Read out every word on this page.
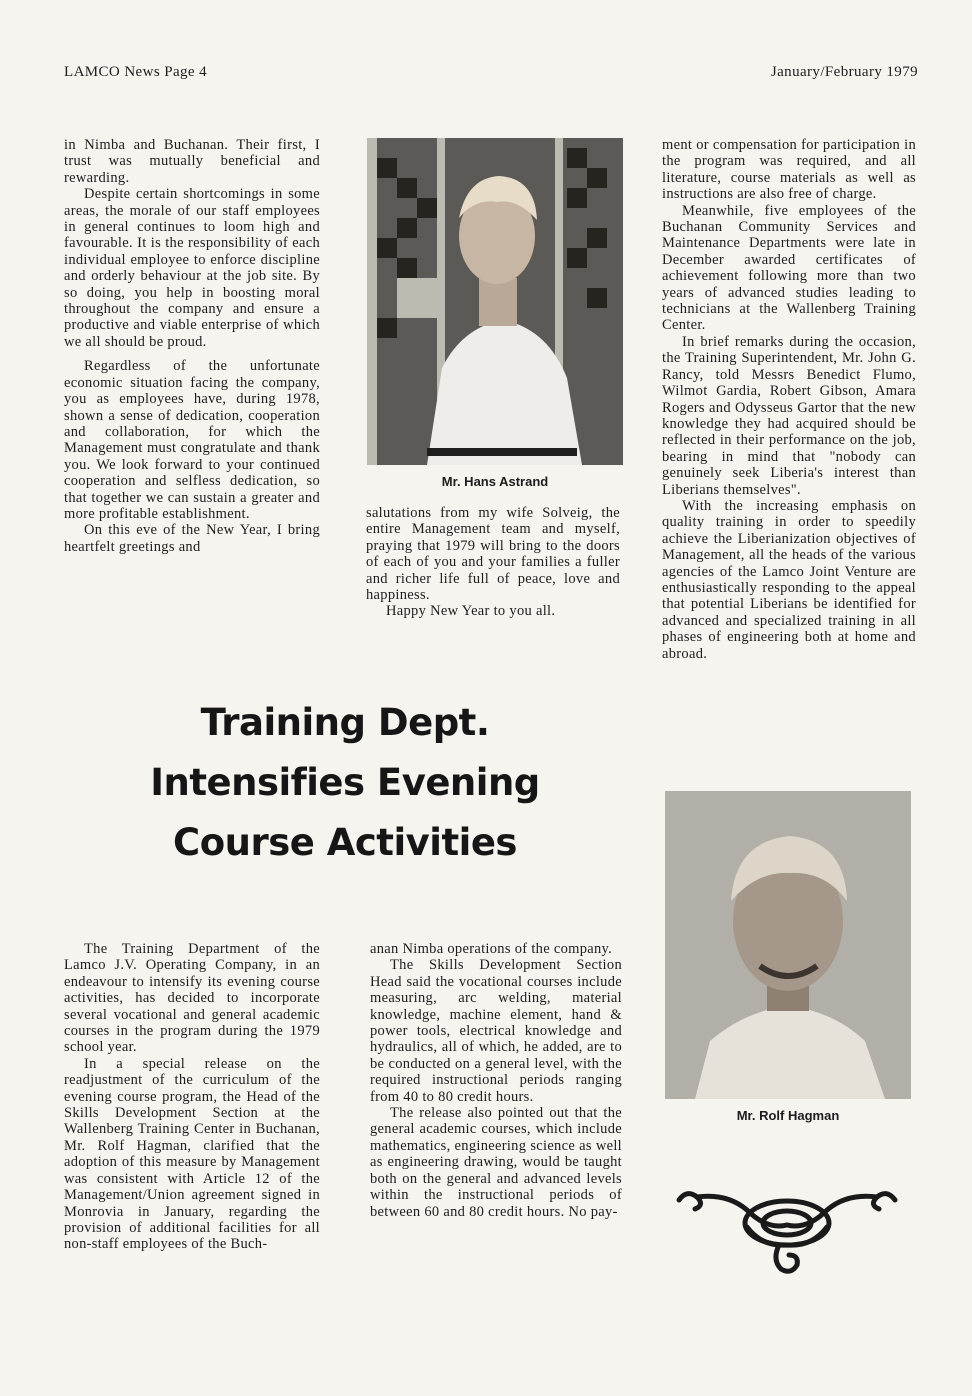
LAMCO News Page 4	January/February 1979

in Nimba and Buchanan. Their first, I trust was mutually beneficial and rewarding.

Despite certain shortcomings in some areas, the morale of our staff employees in general continues to loom high and favourable. It is the responsibility of each individual employee to enforce discipline and orderly behaviour at the job site. By so doing, you help in boosting moral throughout the company and ensure a productive and viable enterprise of which we all should be proud.

Regardless of the unfortunate economic situation facing the company, you as employees have, during 1978, shown a sense of dedication, cooperation and collaboration, for which the Management must congratulate and thank you. We look forward to your continued cooperation and selfless dedication, so that together we can sustain a greater and more profitable establishment.

On this eve of the New Year, I bring heartfelt greetings and

Mr. Hans Astrand

salutations from my wife Solveig, the entire Management team and myself, praying that 1979 will bring to the doors of each of you and your families a fuller and richer life full of peace, love and happiness.

Happy New Year to you all.

ment or compensation for participation in the program was required, and all literature, course materials as well as instructions are also free of charge.

Meanwhile, five employees of the Buchanan Community Services and Maintenance Departments were late in December awarded certificates of achievement following more than two years of advanced studies leading to technicians at the Wallenberg Training Center.

In brief remarks during the occasion, the Training Superintendent, Mr. John G. Rancy, told Messrs Benedict Flumo, Wilmot Gardia, Robert Gibson, Amara Rogers and Odysseus Gartor that the new knowledge they had acquired should be reflected in their performance on the job, bearing in mind that "nobody can genuinely seek Liberia's interest than Liberians themselves".

With the increasing emphasis on quality training in order to speedily achieve the Liberianization objectives of Management, all the heads of the various agencies of the Lamco Joint Venture are enthusiastically responding to the appeal that potential Liberians be identified for advanced and specialized training in all phases of engineering both at home and abroad.

Training Dept.
Intensifies Evening
Course Activities

The Training Department of the Lamco J.V. Operating Company, in an endeavour to intensify its evening course activities, has decided to incorporate several vocational and general academic courses in the program during the 1979 school year.

In a special release on the readjustment of the curriculum of the evening course program, the Head of the Skills Development Section at the Wallenberg Training Center in Buchanan, Mr. Rolf Hagman, clarified that the adoption of this measure by Management was consistent with Article 12 of the Management/Union agreement signed in Monrovia in January, regarding the provision of additional facilities for all non-staff employees of the Buch-

anan Nimba operations of the company.

The Skills Development Section Head said the vocational courses include measuring, arc welding, material knowledge, machine element, hand & power tools, electrical knowledge and hydraulics, all of which, he added, are to be conducted on a general level, with the required instructional periods ranging from 40 to 80 credit hours.

The release also pointed out that the general academic courses, which include mathematics, engineering science as well as engineering drawing, would be taught both on the general and advanced levels within the instructional periods of between 60 and 80 credit hours. No pay-

Mr. Rolf Hagman
